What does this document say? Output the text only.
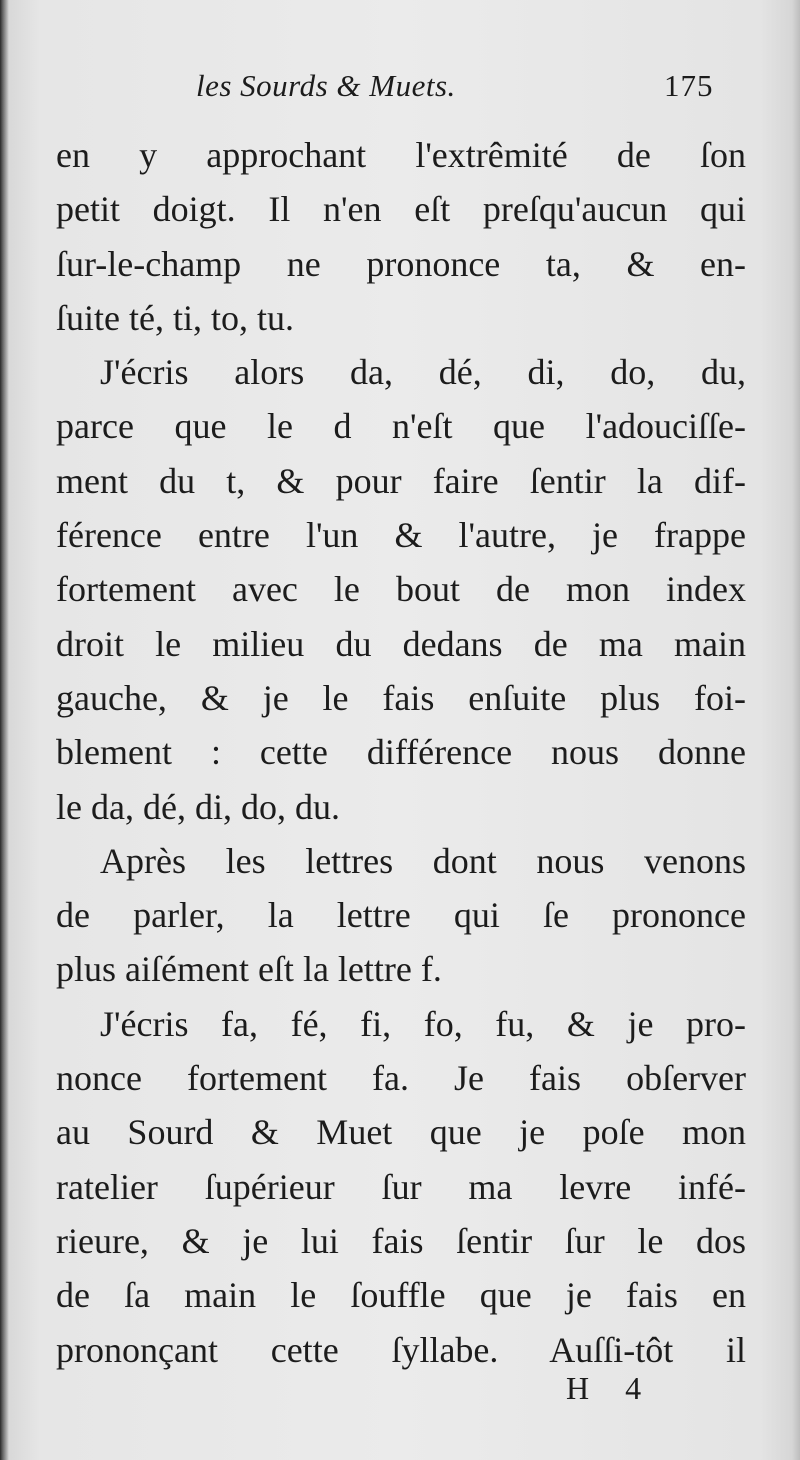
les Sourds & Muets.	175
en y approchant l'extrêmité de ſon
petit doigt. Il n'en eſt preſqu'aucun qui
ſur-le-champ ne prononce ta, & en-
ſuite té, ti, to, tu.
J'écris alors da, dé, di, do, du,
parce que le d n'eſt que l'adouciſſe-
ment du t, & pour faire ſentir la dif-
férence entre l'un & l'autre, je frappe
fortement avec le bout de mon index
droit le milieu du dedans de ma main
gauche, & je le fais enſuite plus foi-
blement : cette différence nous donne
le da, dé, di, do, du.
Après les lettres dont nous venons
de parler, la lettre qui ſe prononce
plus aiſément eſt la lettre f.
J'écris fa, fé, fi, fo, fu, & je pro-
nonce fortement fa. Je fais obſerver
au Sourd & Muet que je poſe mon
ratelier ſupérieur ſur ma levre infé-
rieure, & je lui fais ſentir ſur le dos
de ſa main le ſouffle que je fais en
prononçant cette ſyllabe. Auſſi-tôt il
H 4
